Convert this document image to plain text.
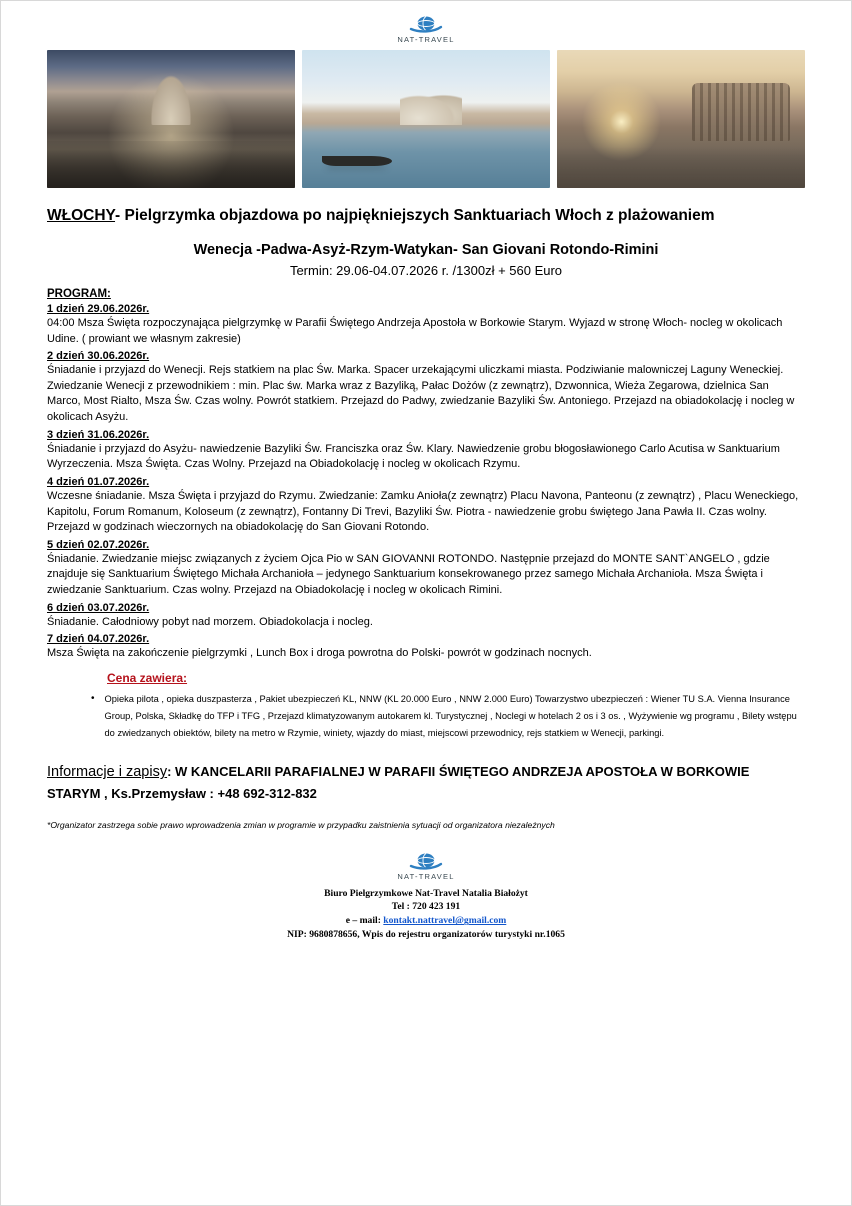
NAT-TRAVEL
WŁOCHY- Pielgrzymka objazdowa po najpiękniejszych Sanktuariach Włoch z plażowaniem
Wenecja -Padwa-Asyż-Rzym-Watykan- San Giovani Rotondo-Rimini
Termin: 29.06-04.07.2026 r. /1300zł + 560 Euro
PROGRAM:
1 dzień 29.06.2026r.
04:00 Msza Święta rozpoczynająca pielgrzymkę w Parafii Świętego Andrzeja Apostoła w Borkowie Starym. Wyjazd w stronę Włoch- nocleg w okolicach Udine. ( prowiant we własnym zakresie)
2 dzień 30.06.2026r.
Śniadanie i przyjazd do Wenecji. Rejs statkiem na plac Św. Marka. Spacer urzekającymi uliczkami miasta. Podziwianie malowniczej Laguny Weneckiej. Zwiedzanie Wenecji z przewodnikiem : min. Plac św. Marka wraz z Bazyliką, Pałac Dożów (z zewnątrz), Dzwonnica, Wieża Zegarowa, dzielnica San Marco, Most Rialto, Msza Św. Czas wolny. Powrót statkiem. Przejazd do Padwy, zwiedzanie Bazyliki Św. Antoniego. Przejazd na obiadokolację i nocleg w okolicach Asyżu.
3 dzień 31.06.2026r.
Śniadanie i przyjazd do Asyżu- nawiedzenie Bazyliki Św. Franciszka oraz Św. Klary. Nawiedzenie grobu błogosławionego Carlo Acutisa w Sanktuarium Wyrzeczenia. Msza Święta. Czas Wolny. Przejazd na Obiadokolację i nocleg w okolicach Rzymu.
4 dzień 01.07.2026r.
Wczesne śniadanie. Msza Święta i przyjazd do Rzymu. Zwiedzanie: Zamku Anioła(z zewnątrz) Placu Navona, Panteonu (z zewnątrz) , Placu Weneckiego, Kapitolu, Forum Romanum, Koloseum (z zewnątrz), Fontanny Di Trevi, Bazyliki Św. Piotra - nawiedzenie grobu świętego Jana Pawła II. Czas wolny. Przejazd w godzinach wieczornych na obiadokolację do San Giovani Rotondo.
5 dzień 02.07.2026r.
Śniadanie. Zwiedzanie miejsc związanych z życiem Ojca Pio w SAN GIOVANNI ROTONDO. Następnie przejazd do MONTE SANT`ANGELO , gdzie znajduje się Sanktuarium Świętego Michała Archanioła – jedynego Sanktuarium konsekrowanego przez samego Michała Archanioła. Msza Święta i zwiedzanie Sanktuarium. Czas wolny. Przejazd na Obiadokolację i nocleg w okolicach Rimini.
6 dzień 03.07.2026r.
Śniadanie. Całodniowy pobyt nad morzem. Obiadokolacja i nocleg.
7 dzień 04.07.2026r.
Msza Święta na zakończenie pielgrzymki , Lunch Box i droga powrotna do Polski- powrót w godzinach nocnych.
Cena zawiera:
• Opieka pilota , opieka duszpasterza , Pakiet ubezpieczeń KL, NNW (KL 20.000 Euro , NNW 2.000 Euro) Towarzystwo ubezpieczeń : Wiener TU S.A. Vienna Insurance Group, Polska, Składkę do TFP i TFG , Przejazd klimatyzowanym autokarem kl. Turystycznej , Noclegi w hotelach 2 os i 3 os. , Wyżywienie wg programu , Bilety wstępu do zwiedzanych obiektów, bilety na metro w Rzymie, winiety, wjazdy do miast, miejscowi przewodnicy, rejs statkiem w Wenecji, parkingi.
Informacje i zapisy: W KANCELARII PARAFIALNEJ W PARAFII ŚWIĘTEGO ANDRZEJA APOSTOŁA W BORKOWIE STARYM , Ks.Przemysław : +48 692-312-832
*Organizator zastrzega sobie prawo wprowadzenia zmian w programie w przypadku zaistnienia sytuacji od organizatora niezależnych
NAT-TRAVEL
Biuro Pielgrzymkowe Nat-Travel Natalia Białożyt
Tel : 720 423 191
e – mail: kontakt.nattravel@gmail.com
NIP: 9680878656, Wpis do rejestru organizatorów turystyki nr.1065
